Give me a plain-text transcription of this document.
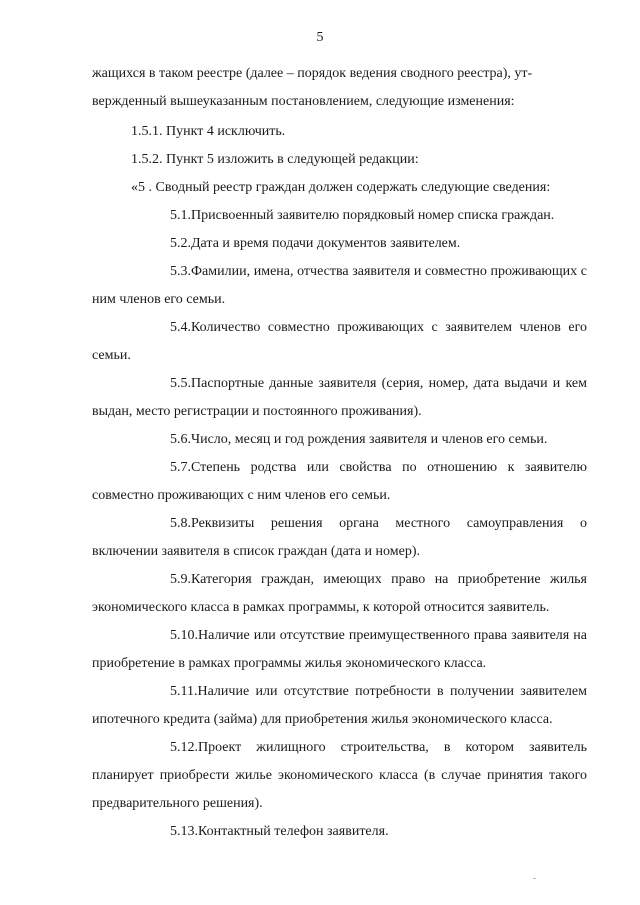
5

жащихся в таком реестре (далее – порядок ведения сводного реестра), ут-

вержденный вышеуказанным постановлением, следующие изменения:

1.5.1. Пункт 4 исключить.

1.5.2. Пункт 5 изложить в следующей редакции:

«5 . Сводный реестр граждан должен содержать следующие сведения:

5.1.Присвоенный заявителю порядковый номер списка граждан.

5.2.Дата и время подачи документов заявителем.

5.3.Фамилии, имена, отчества заявителя и совместно проживающих с ним членов его семьи.

5.4.Количество совместно проживающих с заявителем членов его семьи.

5.5.Паспортные данные заявителя (серия, номер, дата выдачи и кем выдан, место регистрации и постоянного проживания).

5.6.Число, месяц и год рождения заявителя и членов его семьи.

5.7.Степень родства или свойства по отношению к заявителю совместно проживающих с ним членов его семьи.

5.8.Реквизиты решения органа местного самоуправления о включении заявителя в список граждан (дата и номер).

5.9.Категория граждан, имеющих право на приобретение жилья экономического класса в рамках программы, к которой относится заявитель.

5.10.Наличие или отсутствие преимущественного права заявителя на приобретение в рамках программы жилья экономического класса.

5.11.Наличие или отсутствие потребности в получении заявителем ипотечного кредита (займа) для приобретения жилья экономического класса.

5.12.Проект жилищного строительства, в котором заявитель планирует приобрести жилье экономического класса (в случае принятия такого предварительного решения).

5.13.Контактный телефон заявителя.
